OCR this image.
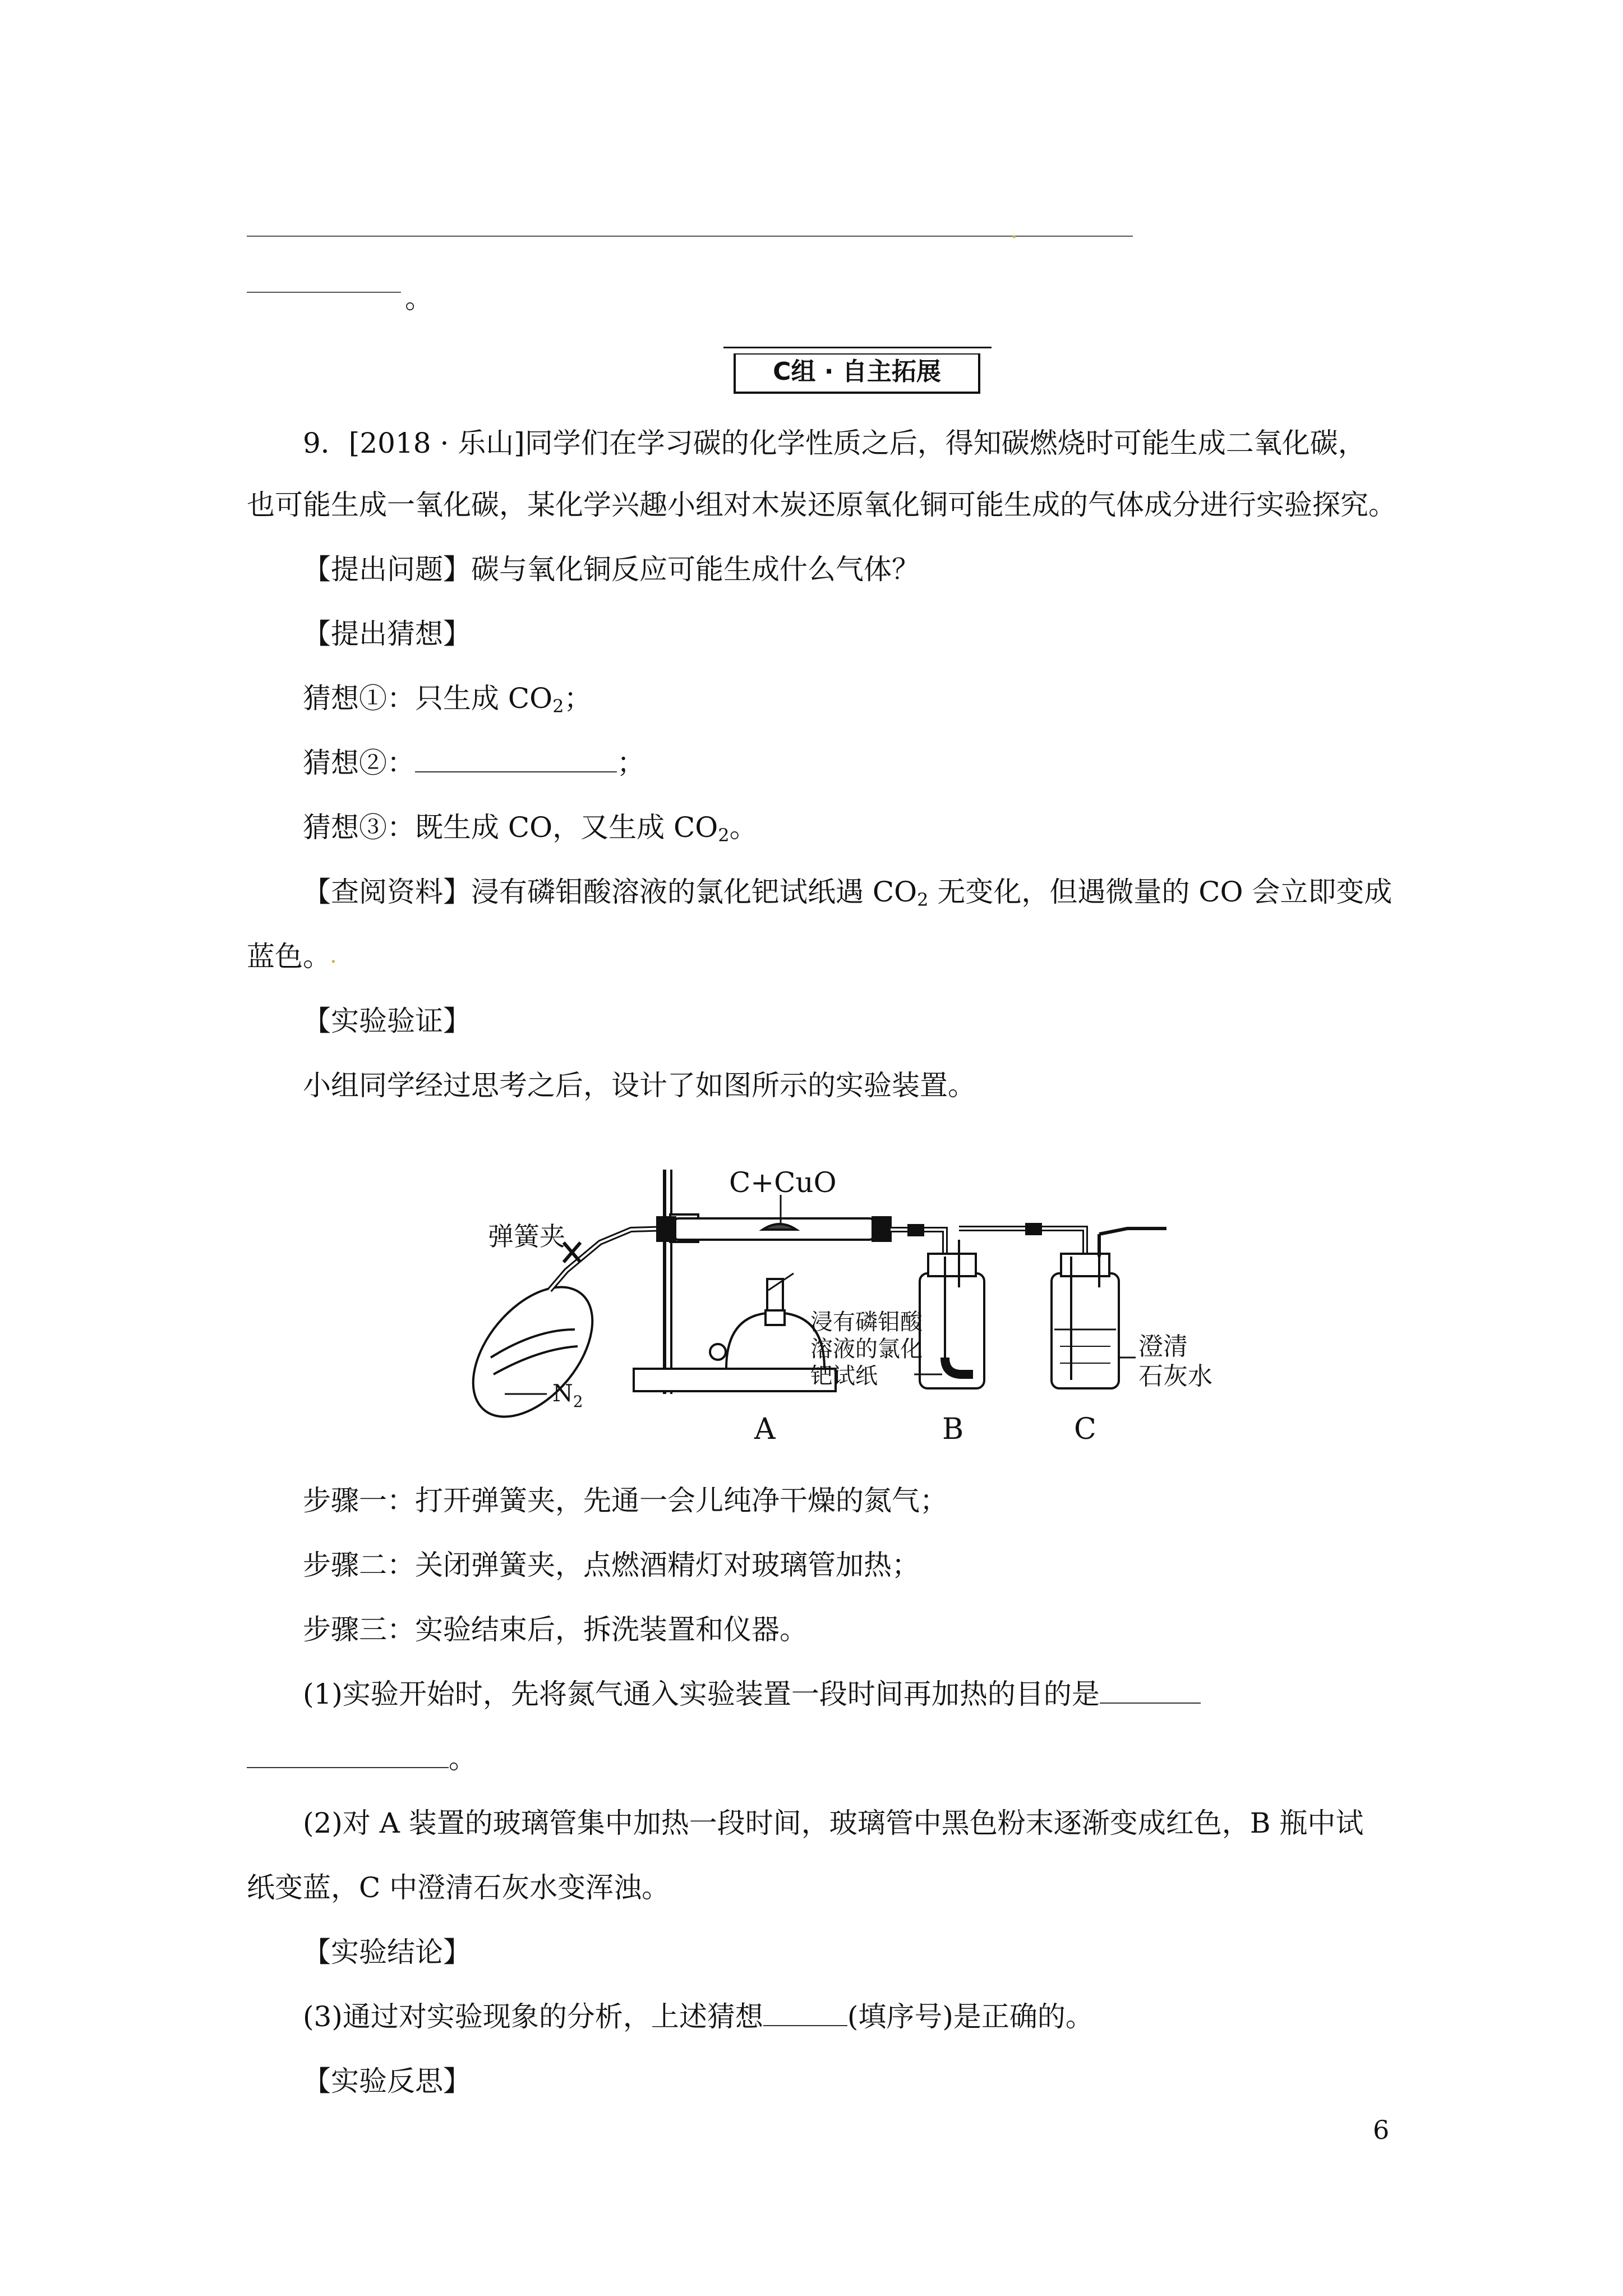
.
。
C组 · 自主拓展
9．[2018 · 乐山]同学们在学习碳的化学性质之后，得知碳燃烧时可能生成二氧化碳，
也可能生成一氧化碳，某化学兴趣小组对木炭还原氧化铜可能生成的气体成分进行实验探究。
【提出问题】碳与氧化铜反应可能生成什么气体？
【提出猜想】
猜想①：只生成 $CO_2$；
猜想②：	；
猜想③：既生成 CO，又生成 $CO_2$。
【查阅资料】浸有磷钼酸溶液的氯化钯试纸遇 $CO_2$ 无变化，但遇微量的 CO 会立即变成
蓝色。
.
【实验验证】
小组同学经过思考之后，设计了如图所示的实验装置。
C+CuO
弹簧夹
$N_2$
浸有磷钼酸
溶液的氯化
钯试纸
澄清
石灰水
A	B	C
步骤一：打开弹簧夹，先通一会儿纯净干燥的氮气；
步骤二：关闭弹簧夹，点燃酒精灯对玻璃管加热；
步骤三：实验结束后，拆洗装置和仪器。
(1)实验开始时，先将氮气通入实验装置一段时间再加热的目的是
。
(2)对 A 装置的玻璃管集中加热一段时间，玻璃管中黑色粉末逐渐变成红色，B 瓶中试
纸变蓝，C 中澄清石灰水变浑浊。
【实验结论】
(3)通过对实验现象的分析，上述猜想	(填序号)是正确的。
【实验反思】
6
